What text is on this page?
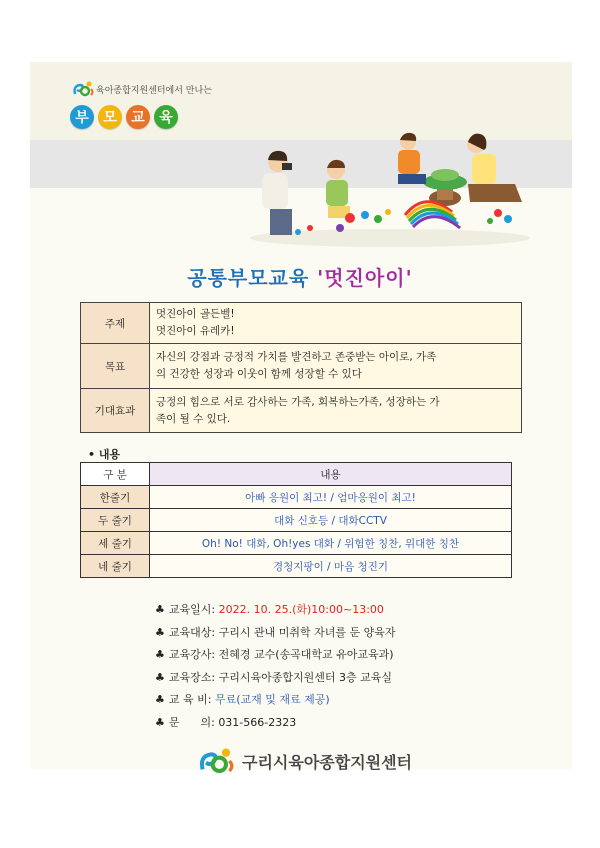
육아종합지원센터에서 만나는
부	모	교	육
공통부모교육 '멋진아이'
주제	멋진아이 골든벨!
멋진아이 유레카!
목표	자신의 강점과 긍정적 가치를 발견하고 존중받는 아이로, 가족
의 건강한 성장과 이웃이 함께 성장할 수 있다
기대효과	긍정의 힘으로 서로 감사하는 가족, 회복하는가족, 성장하는 가
족이 될 수 있다.
• 내용
구 분	내용
한줄기	아빠 응원이 최고! / 엄마응원이 최고!
두 줄기	대화 신호등 / 대화CCTV
세 줄기	Oh! No! 대화, Oh!yes 대화 / 위험한 칭찬, 위대한 칭찬
네 줄기	경청지팡이 / 마음 청진기
♣ 교육일시: 2022. 10. 25.(화)10:00~13:00
♣ 교육대상: 구리시 관내 미취학 자녀를 둔 양육자
♣ 교육강사: 전혜경 교수(송곡대학교 유아교육과)
♣ 교육장소: 구리시육아종합지원센터 3층 교육실
♣ 교 육 비: 무료(교재 및 재료 제공)
♣ 문      의: 031-566-2323
구리시육아종합지원센터
